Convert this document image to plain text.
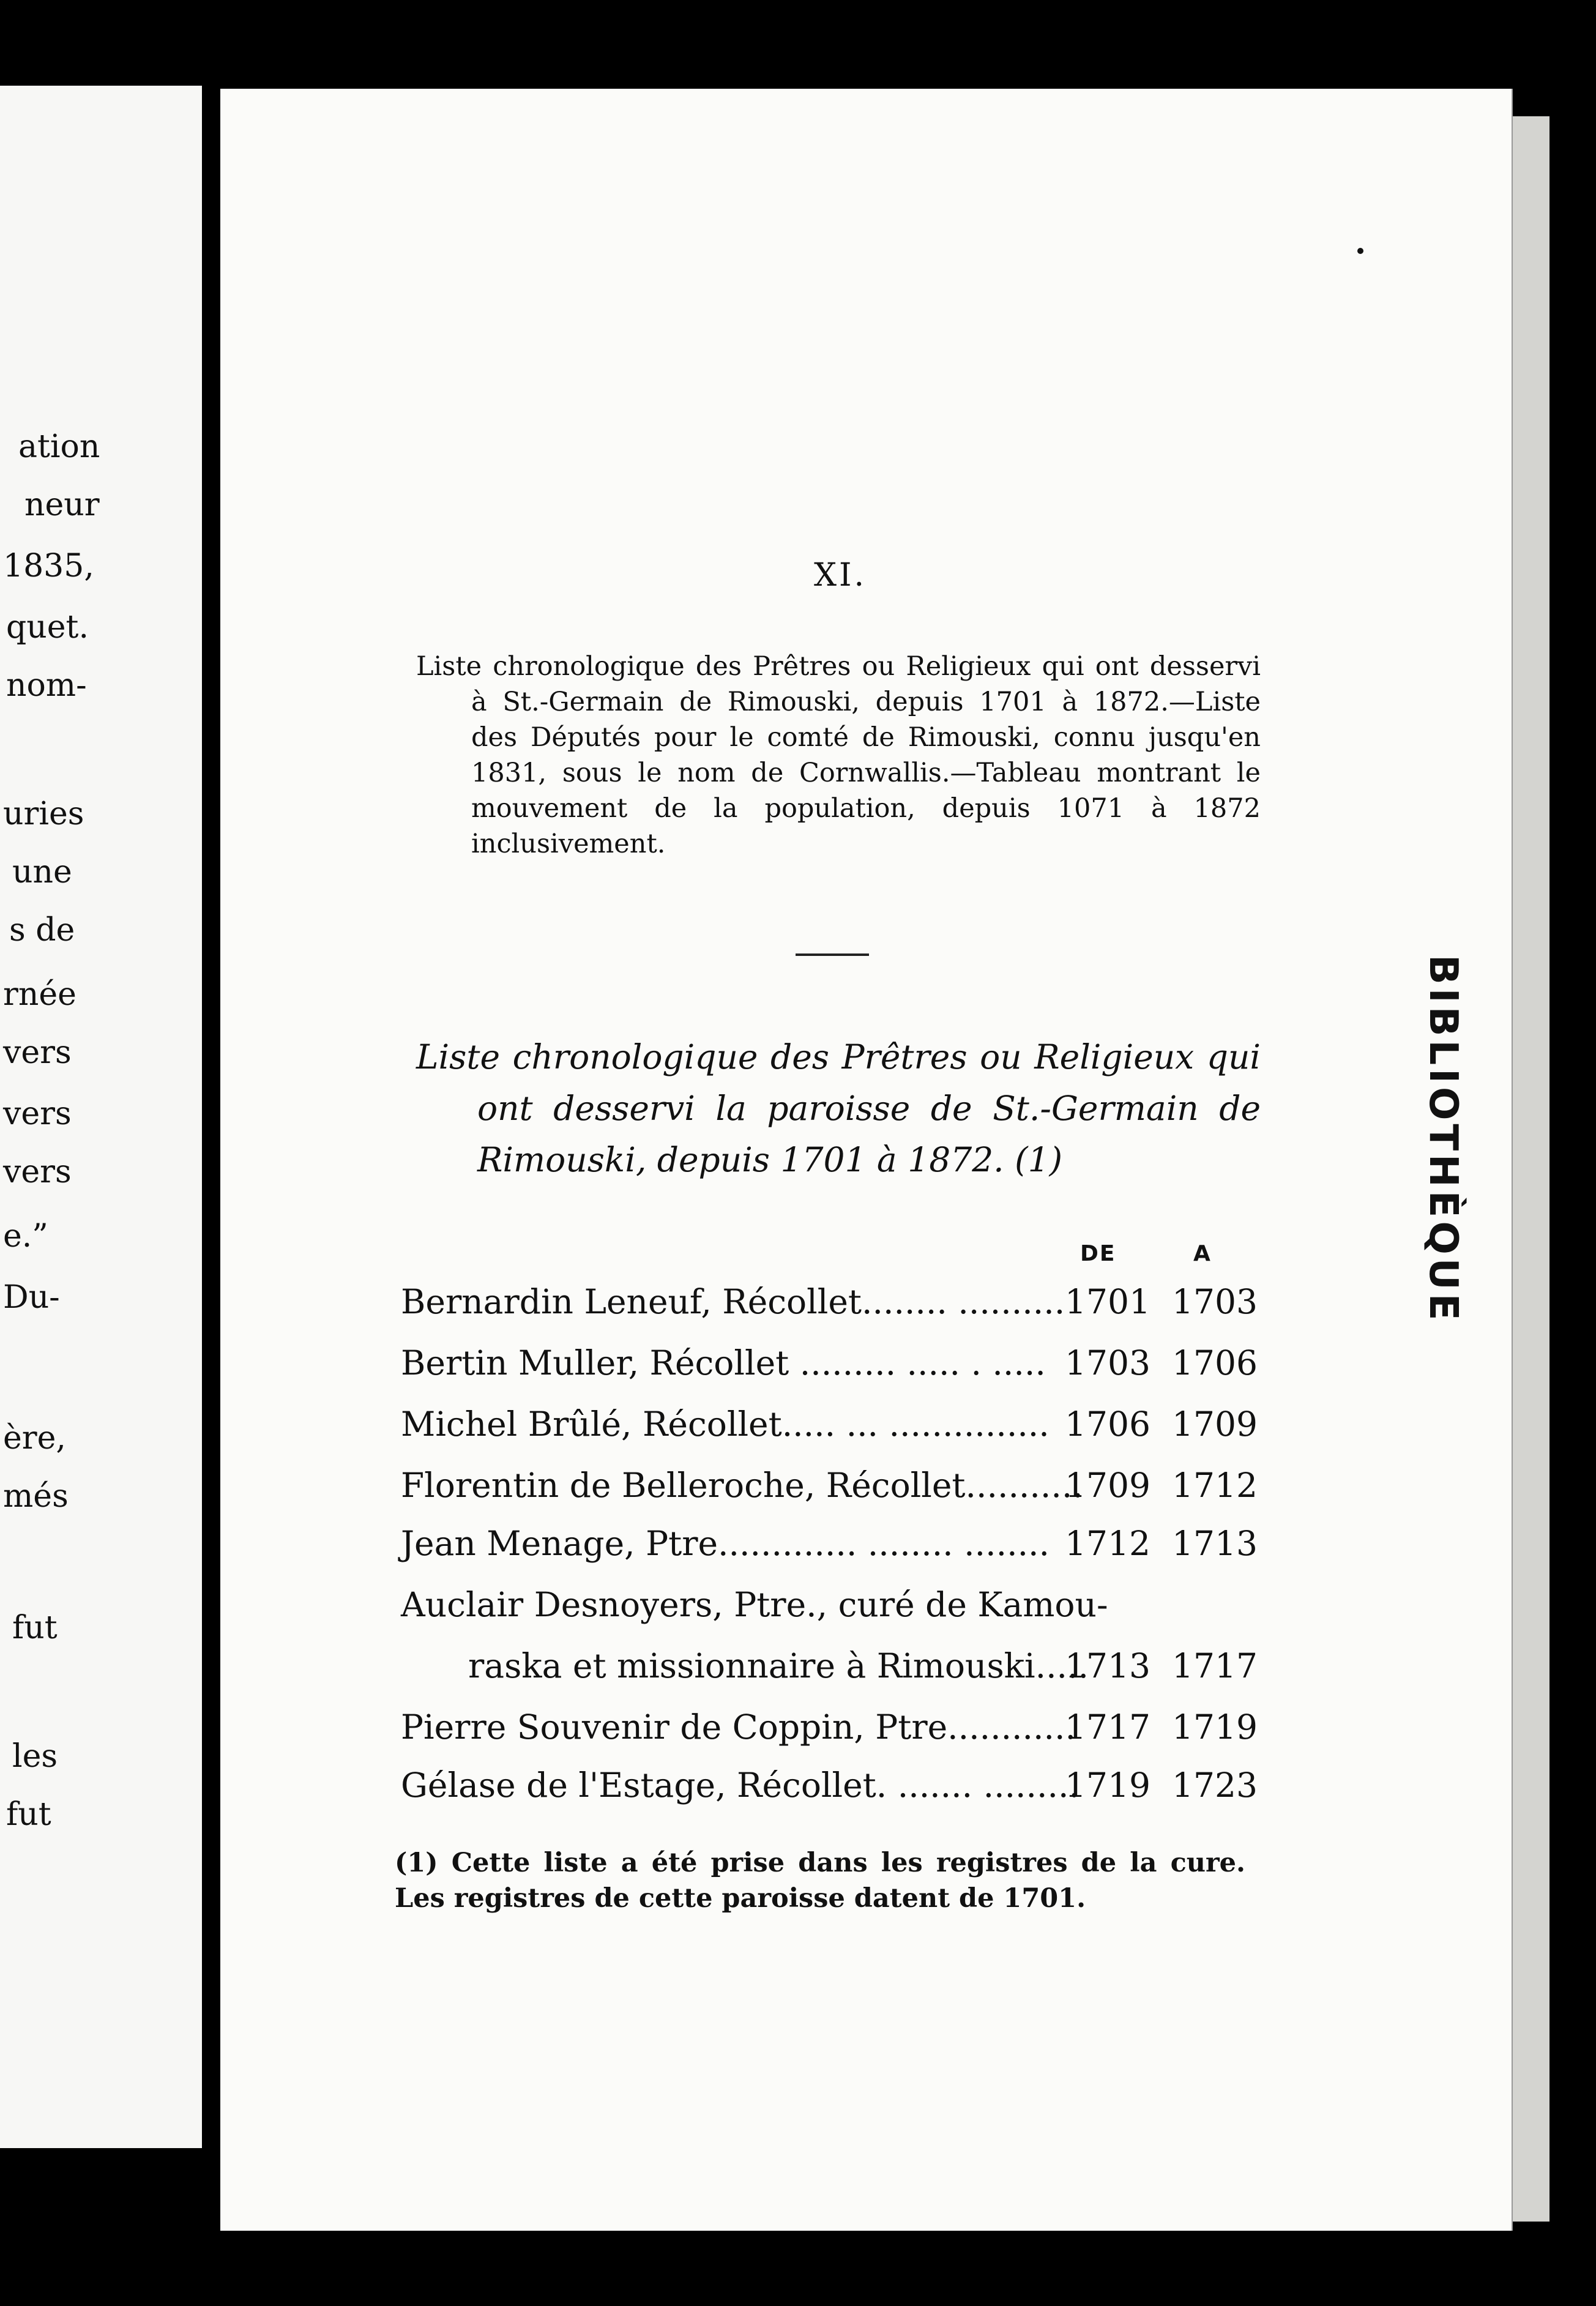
ation
neur
1835,
quet.
nom-
uries
une
s de
rnée
vers
vers
vers
e.”
Du-
ère,
més
fut
les
fut
BIBLIOTHÈQUE
XI.

Liste chronologique des Prêtres ou Religieux qui ont desservi à St.-Germain de Rimouski, depuis 1701 à 1872.—Liste des Députés pour le comté de Rimouski, connu jusqu'en 1831, sous le nom de Cornwallis.—Tableau montrant le mouvement de la population, depuis 1071 à 1872 inclusivement.

Liste chronologique des Prêtres ou Religieux qui ont desservi la paroisse de St.-Germain de Rimouski, depuis 1701 à 1872. (1)

DE	A
Bernardin Leneuf, Récollet........ .......... 1701 1703
Bertin Muller, Récollet ......... ..... . ..... 1703 1706
Michel Brûlé, Récollet..... ... ............... 1706 1709
Florentin de Belleroche, Récollet...........
1709 1712
Jean Menage, Ptre............. ........ ........ 1712 1713
Auclair Desnoyers, Ptre., curé de Kamou-
raska et missionnaire à Rimouski.....
1713 1717
Pierre Souvenir de Coppin, Ptre............
1717 1719
Gélase de l'Estage, Récollet. ....... .........
1719 1723
(1) Cette liste a été prise dans les registres de la cure. Les registres de cette paroisse datent de 1701.
